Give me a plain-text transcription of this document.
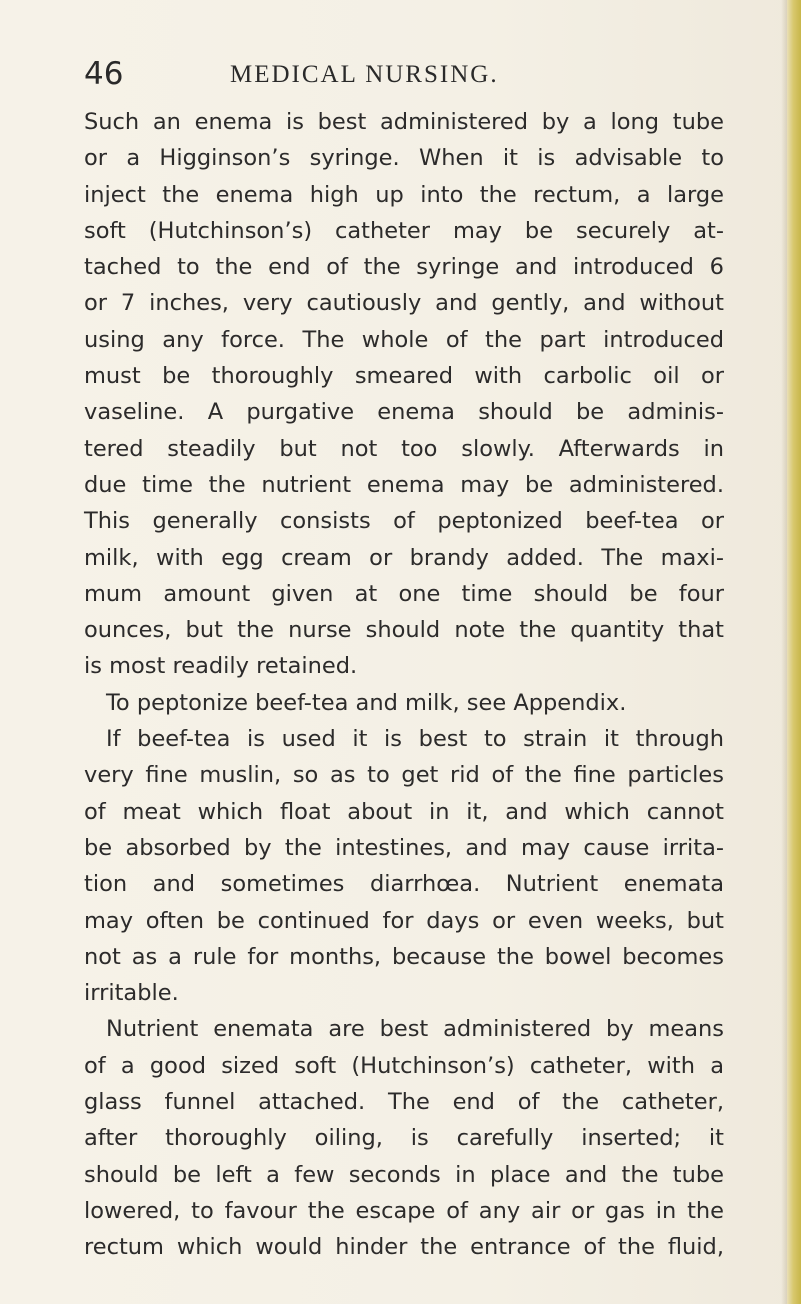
46	MEDICAL NURSING.
Such an enema is best administered by a long tube
or a Higginson’s syringe. When it is advisable to
inject the enema high up into the rectum, a large
soft (Hutchinson’s) catheter may be securely at-
tached to the end of the syringe and introduced 6
or 7 inches, very cautiously and gently, and without
using any force. The whole of the part introduced
must be thoroughly smeared with carbolic oil or
vaseline. A purgative enema should be adminis-
tered steadily but not too slowly. Afterwards in
due time the nutrient enema may be administered.
This generally consists of peptonized beef-tea or
milk, with egg cream or brandy added. The maxi-
mum amount given at one time should be four
ounces, but the nurse should note the quantity that
is most readily retained.
To peptonize beef-tea and milk, see Appendix.
If beef-tea is used it is best to strain it through
very fine muslin, so as to get rid of the fine particles
of meat which float about in it, and which cannot
be absorbed by the intestines, and may cause irrita-
tion and sometimes diarrhœa. Nutrient enemata
may often be continued for days or even weeks, but
not as a rule for months, because the bowel becomes
irritable.
Nutrient enemata are best administered by means
of a good sized soft (Hutchinson’s) catheter, with a
glass funnel attached. The end of the catheter,
after thoroughly oiling, is carefully inserted; it
should be left a few seconds in place and the tube
lowered, to favour the escape of any air or gas in the
rectum which would hinder the entrance of the fluid,
